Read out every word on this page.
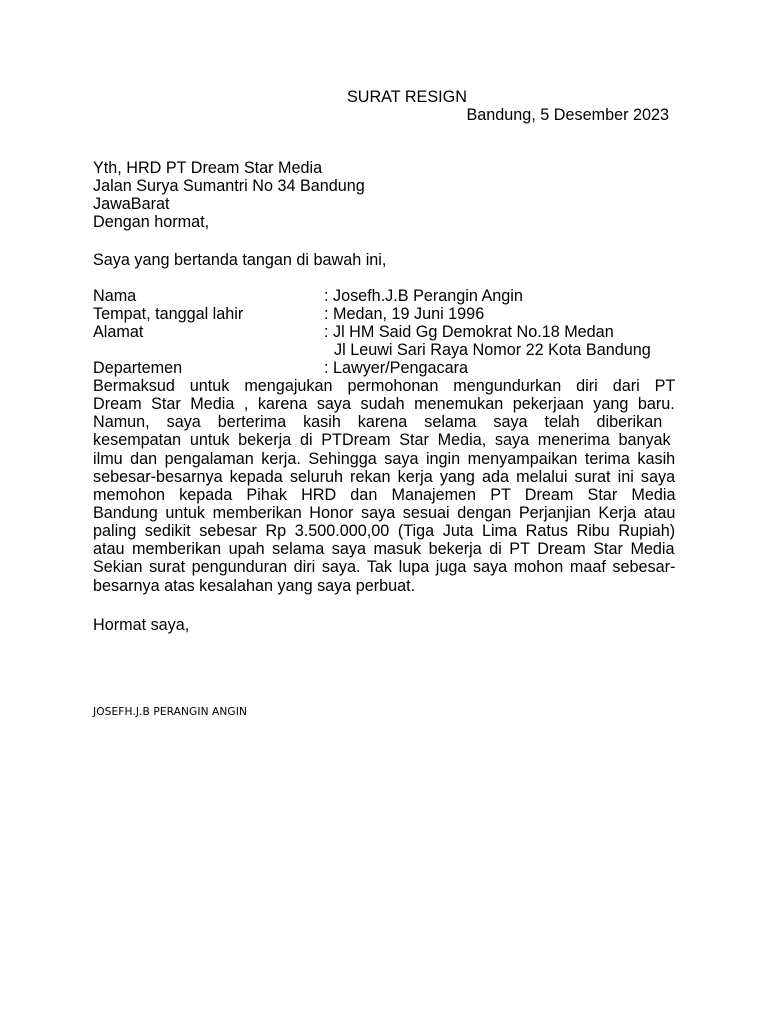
SURAT RESIGN
Bandung, 5 Desember 2023
Yth, HRD PT Dream Star Media
Jalan Surya Sumantri No 34 Bandung
JawaBarat
Dengan hormat,
Saya yang bertanda tangan di bawah ini,
Nama	: Josefh.J.B Perangin Angin
Tempat, tanggal lahir	: Medan, 19 Juni 1996
Alamat	: Jl HM Said Gg Demokrat No.18 Medan
Jl Leuwi Sari Raya Nomor 22 Kota Bandung
Departemen	: Lawyer/Pengacara
Bermaksud untuk mengajukan permohonan mengundurkan diri dari PT
Dream Star Media , karena saya sudah menemukan pekerjaan yang baru.
Namun, saya berterima kasih karena selama saya telah diberikan
kesempatan untuk bekerja di PTDream Star Media, saya menerima banyak
ilmu dan pengalaman kerja. Sehingga saya ingin menyampaikan terima kasih
sebesar-besarnya kepada seluruh rekan kerja yang ada melalui surat ini saya
memohon kepada Pihak HRD dan Manajemen PT Dream Star Media
Bandung untuk memberikan Honor saya sesuai dengan Perjanjian Kerja atau
paling sedikit sebesar Rp 3.500.000,00 (Tiga Juta Lima Ratus Ribu Rupiah)
atau memberikan upah selama saya masuk bekerja di PT Dream Star Media
Sekian surat pengunduran diri saya. Tak lupa juga saya mohon maaf sebesar-
besarnya atas kesalahan yang saya perbuat.
Hormat saya,
JOSEFH.J.B PERANGIN ANGIN
